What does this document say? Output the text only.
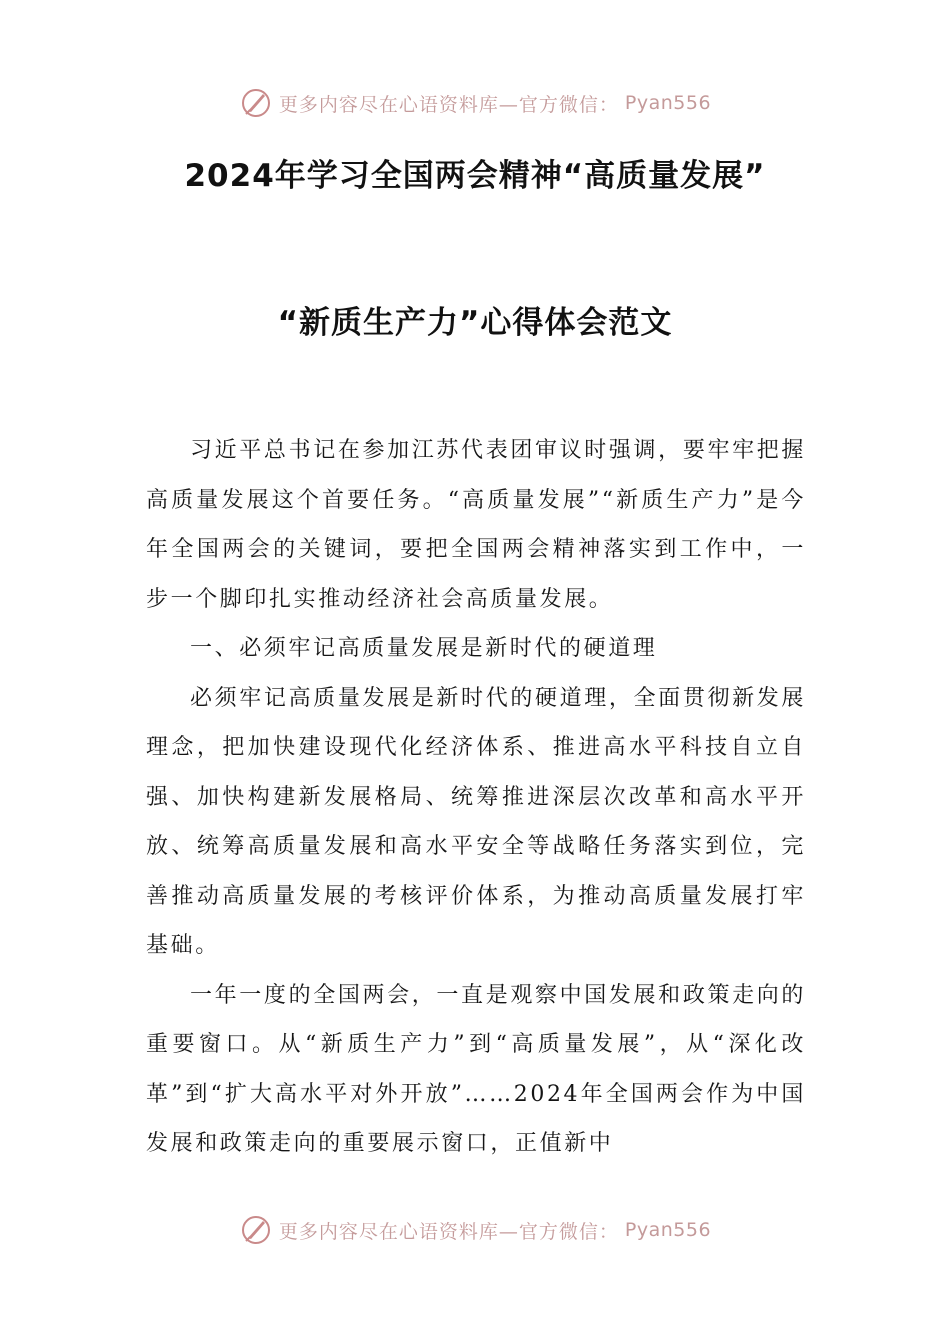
更多内容尽在心语资料库—官方微信： Pyan556
2024年学习全国两会精神“高质量发展”
“新质生产力”心得体会范文

习近平总书记在参加江苏代表团审议时强调，要牢牢把握高质量发展这个首要任务。“高质量发展”“新质生产力”是今年全国两会的关键词，要把全国两会精神落实到工作中，一步一个脚印扎实推动经济社会高质量发展。

一、必须牢记高质量发展是新时代的硬道理

必须牢记高质量发展是新时代的硬道理，全面贯彻新发展理念，把加快建设现代化经济体系、推进高水平科技自立自强、加快构建新发展格局、统筹推进深层次改革和高水平开放、统筹高质量发展和高水平安全等战略任务落实到位，完善推动高质量发展的考核评价体系，为推动高质量发展打牢基础。

一年一度的全国两会，一直是观察中国发展和政策走向的重要窗口。从“新质生产力”到“高质量发展”，从“深化改革”到“扩大高水平对外开放”……2024年全国两会作为中国发展和政策走向的重要展示窗口，正值新中

更多内容尽在心语资料库—官方微信： Pyan556
